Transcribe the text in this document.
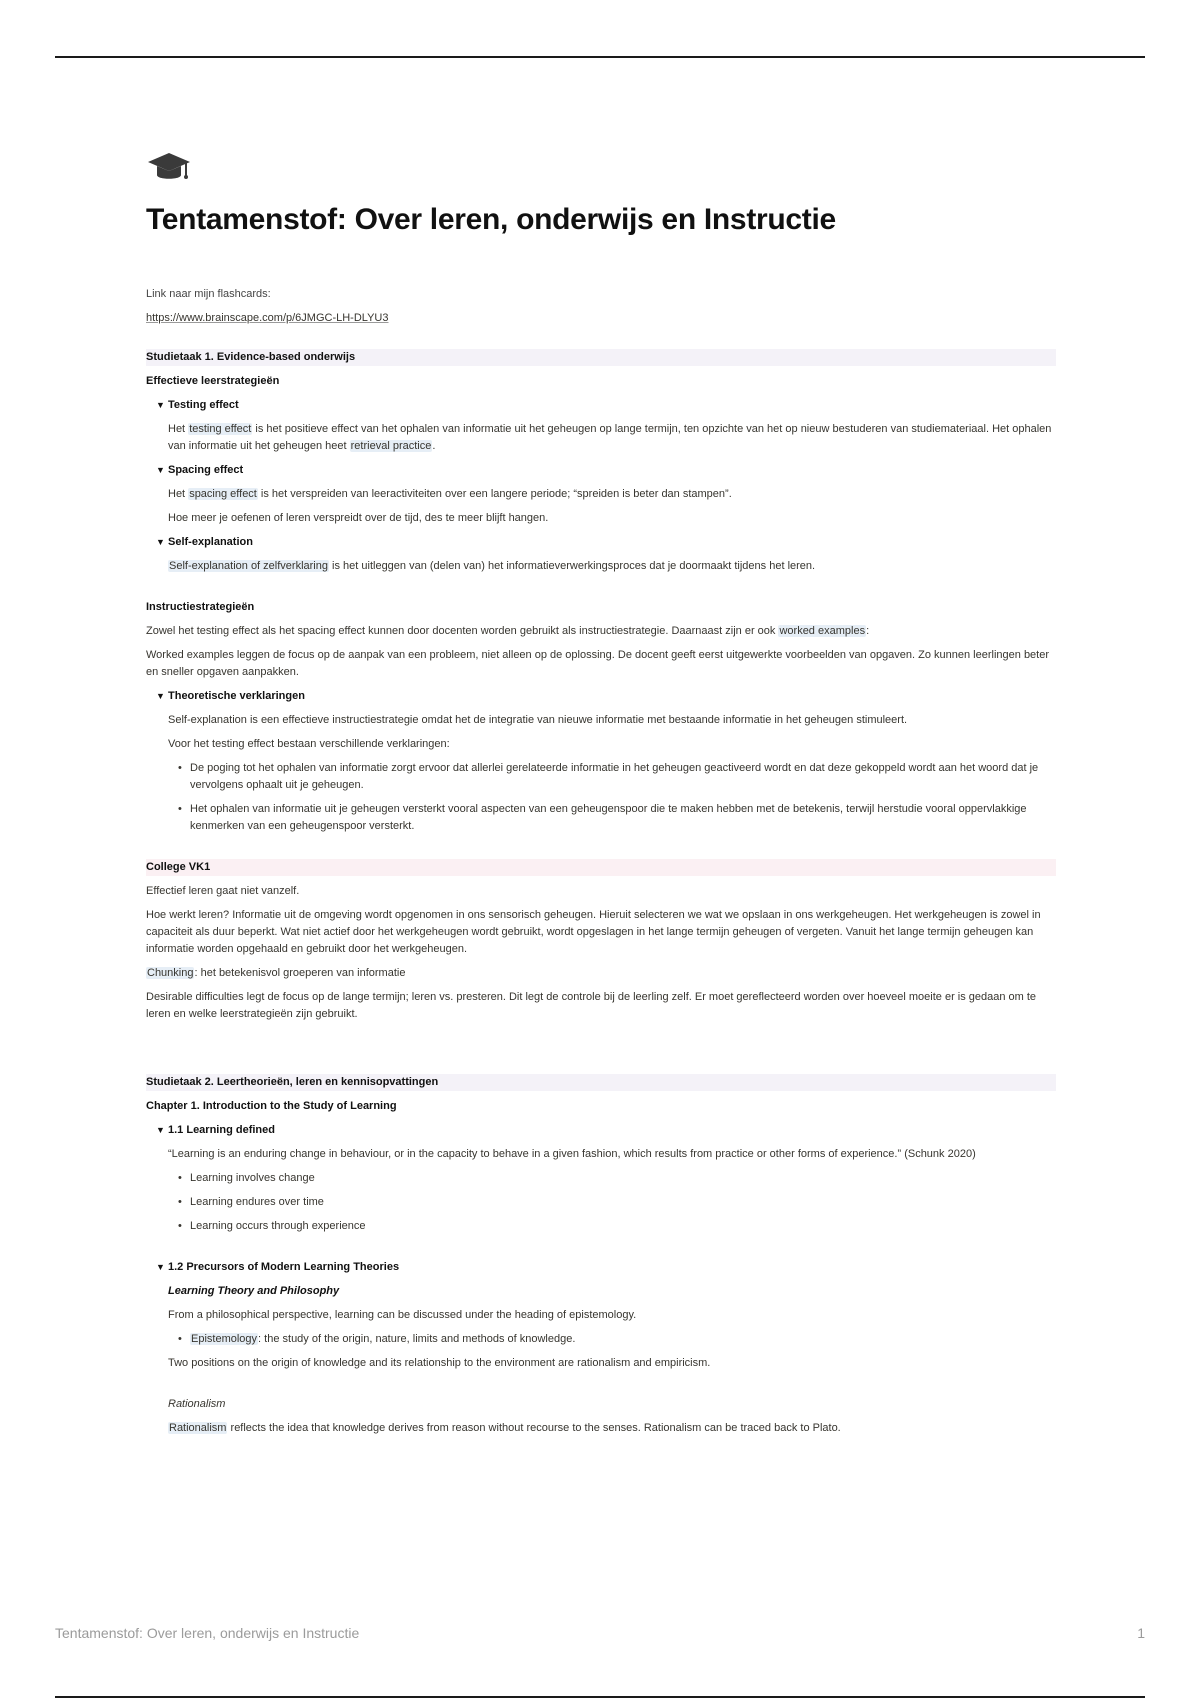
Tentamenstof: Over leren, onderwijs en Instructie

Link naar mijn flashcards:

https://www.brainscape.com/p/6JMGC-LH-DLYU3

Studietaak 1. Evidence-based onderwijs

Effectieve leerstrategieën

▼ Testing effect

Het testing effect is het positieve effect van het ophalen van informatie uit het geheugen op lange termijn, ten opzichte van het op nieuw bestuderen van studiemateriaal. Het ophalen van informatie uit het geheugen heet retrieval practice.

▼ Spacing effect

Het spacing effect is het verspreiden van leeractiviteiten over een langere periode; “spreiden is beter dan stampen”.

Hoe meer je oefenen of leren verspreidt over de tijd, des te meer blijft hangen.

▼ Self-explanation

Self-explanation of zelfverklaring is het uitleggen van (delen van) het informatieverwerkingsproces dat je doormaakt tijdens het leren.

Instructiestrategieën

Zowel het testing effect als het spacing effect kunnen door docenten worden gebruikt als instructiestrategie. Daarnaast zijn er ook worked examples:

Worked examples leggen de focus op de aanpak van een probleem, niet alleen op de oplossing. De docent geeft eerst uitgewerkte voorbeelden van opgaven. Zo kunnen leerlingen beter en sneller opgaven aanpakken.

▼ Theoretische verklaringen

Self-explanation is een effectieve instructiestrategie omdat het de integratie van nieuwe informatie met bestaande informatie in het geheugen stimuleert.

Voor het testing effect bestaan verschillende verklaringen:

• De poging tot het ophalen van informatie zorgt ervoor dat allerlei gerelateerde informatie in het geheugen geactiveerd wordt en dat deze gekoppeld wordt aan het woord dat je vervolgens ophaalt uit je geheugen.
• Het ophalen van informatie uit je geheugen versterkt vooral aspecten van een geheugenspoor die te maken hebben met de betekenis, terwijl herstudie vooral oppervlakkige kenmerken van een geheugenspoor versterkt.

College VK1

Effectief leren gaat niet vanzelf.

Hoe werkt leren? Informatie uit de omgeving wordt opgenomen in ons sensorisch geheugen. Hieruit selecteren we wat we opslaan in ons werkgeheugen. Het werkgeheugen is zowel in capaciteit als duur beperkt. Wat niet actief door het werkgeheugen wordt gebruikt, wordt opgeslagen in het lange termijn geheugen of vergeten. Vanuit het lange termijn geheugen kan informatie worden opgehaald en gebruikt door het werkgeheugen.

Chunking: het betekenisvol groeperen van informatie

Desirable difficulties legt de focus op de lange termijn; leren vs. presteren. Dit legt de controle bij de leerling zelf. Er moet gereflecteerd worden over hoeveel moeite er is gedaan om te leren en welke leerstrategieën zijn gebruikt.

Studietaak 2. Leertheorieën, leren en kennisopvattingen

Chapter 1. Introduction to the Study of Learning

▼ 1.1 Learning defined

“Learning is an enduring change in behaviour, or in the capacity to behave in a given fashion, which results from practice or other forms of experience.” (Schunk 2020)

• Learning involves change
• Learning endures over time
• Learning occurs through experience
▼ 1.2 Precursors of Modern Learning Theories

Learning Theory and Philosophy

From a philosophical perspective, learning can be discussed under the heading of epistemology.

• Epistemology: the study of the origin, nature, limits and methods of knowledge.

Two positions on the origin of knowledge and its relationship to the environment are rationalism and empiricism.

Rationalism

Rationalism reflects the idea that knowledge derives from reason without recourse to the senses. Rationalism can be traced back to Plato.

Tentamenstof: Over leren, onderwijs en Instructie	1
